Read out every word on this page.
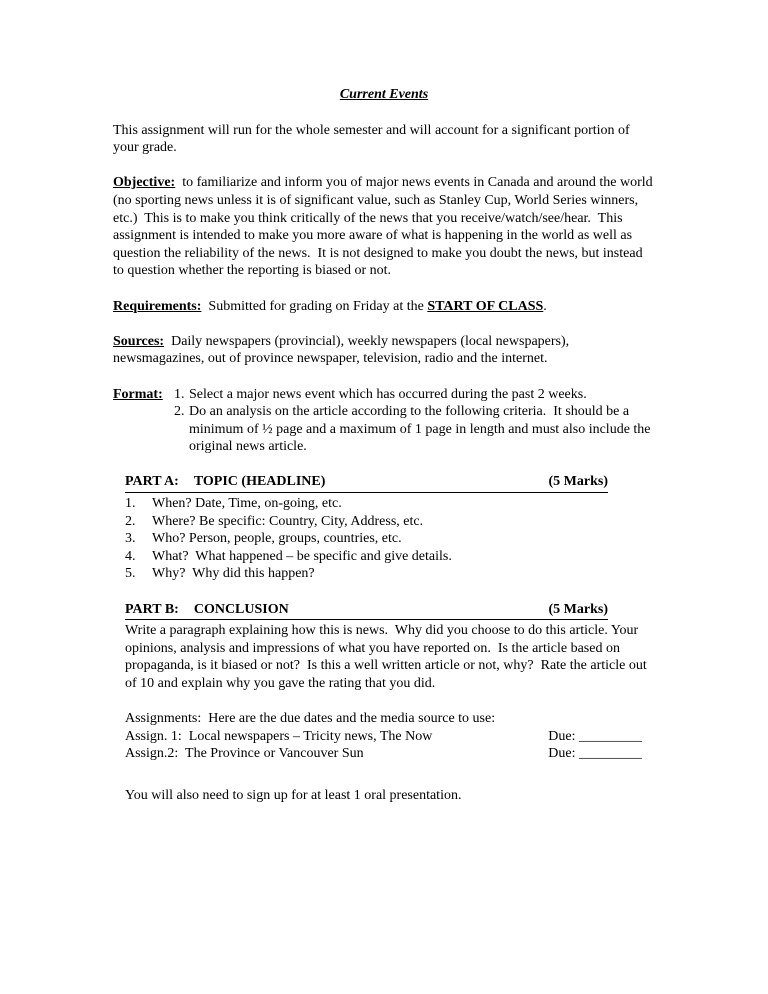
Current Events

This assignment will run for the whole semester and will account for a significant portion of your grade.

Objective: to familiarize and inform you of major news events in Canada and around the world (no sporting news unless it is of significant value, such as Stanley Cup, World Series winners, etc.)  This is to make you think critically of the news that you receive/watch/see/hear.  This assignment is intended to make you more aware of what is happening in the world as well as question the reliability of the news.  It is not designed to make you doubt the news, but instead to question whether the reporting is biased or not.

Requirements: Submitted for grading on Friday at the START OF CLASS.

Sources: Daily newspapers (provincial), weekly newspapers (local newspapers), newsmagazines, out of province newspaper, television, radio and the internet.

Format: 1. Select a major news event which has occurred during the past 2 weeks.
2. Do an analysis on the article according to the following criteria.  It should be a minimum of ½ page and a maximum of 1 page in length and must also include the original news article.
PART A: TOPIC (HEADLINE)	(5 Marks)
1.	When? Date, Time, on-going, etc.
2.	Where? Be specific: Country, City, Address, etc.
3.	Who? Person, people, groups, countries, etc.
4.	What?  What happened – be specific and give details.
5.	Why?  Why did this happen?
PART B: CONCLUSION	(5 Marks)
Write a paragraph explaining how this is news.  Why did you choose to do this article. Your opinions, analysis and impressions of what you have reported on.  Is the article based on propaganda, is it biased or not?  Is this a well written article or not, why?  Rate the article out of 10 and explain why you gave the rating that you did.
Assignments:  Here are the due dates and the media source to use:
Assign. 1:  Local newspapers – Tricity news, The Now	Due: _________
Assign.2:  The Province or Vancouver Sun	Due: _________
You will also need to sign up for at least 1 oral presentation.
